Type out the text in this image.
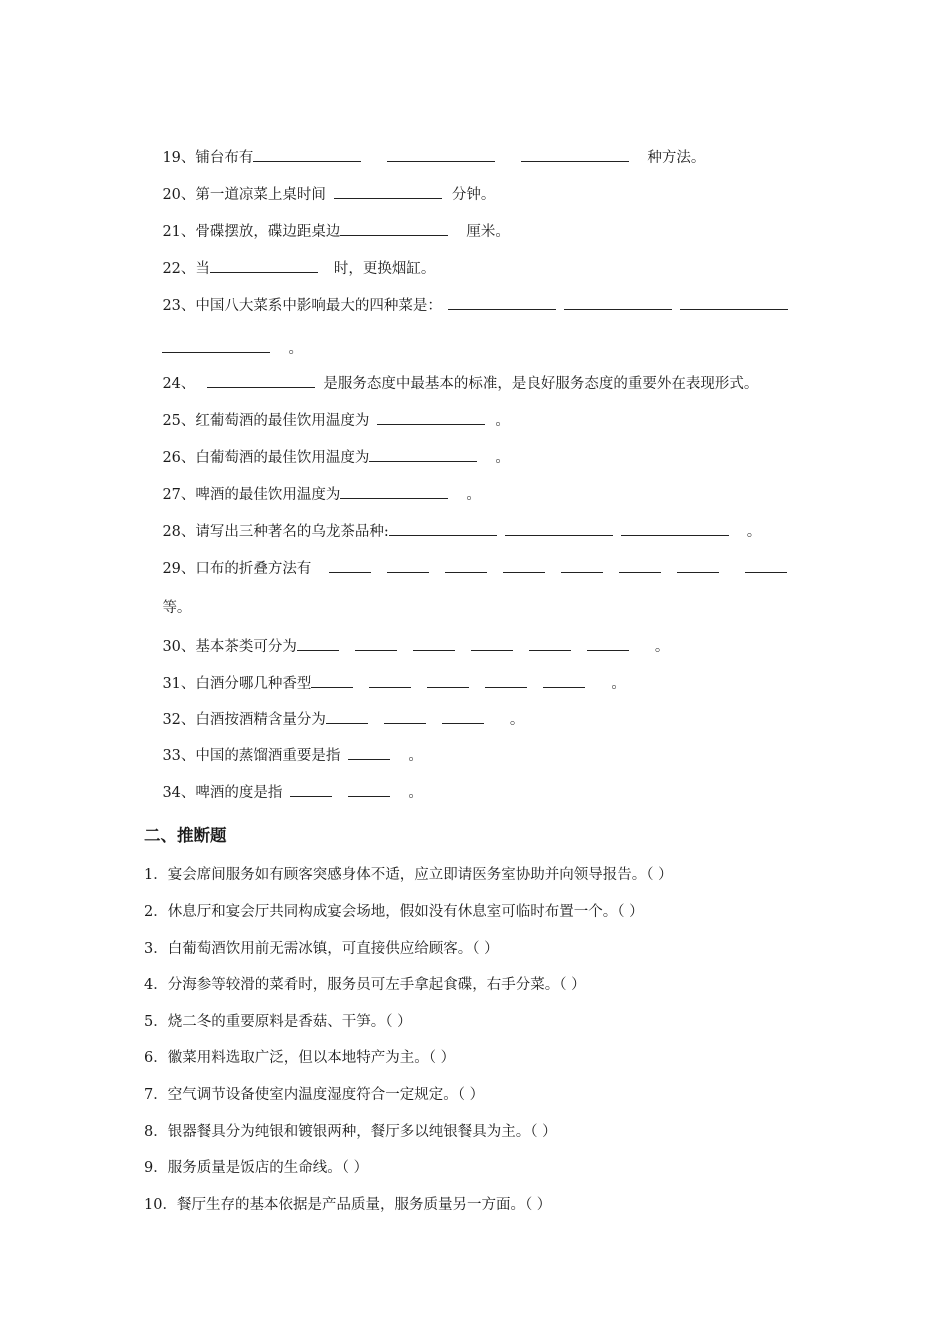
19、铺台布有	种方法。

20、第一道凉菜上桌时间	分钟。

21、骨碟摆放，碟边距桌边	厘米。

22、当	时，更换烟缸。

23、中国八大菜系中影响最大的四种菜是：

。

24、	是服务态度中最基本的标准，是良好服务态度的重要外在表现形式。

25、红葡萄酒的最佳饮用温度为	。

26、白葡萄酒的最佳饮用温度为	。

27、啤酒的最佳饮用温度为	。

28、请写出三种著名的乌龙茶品种:	。

29、口布的折叠方法有

等。

30、基本茶类可分为	。

31、白酒分哪几种香型	。

32、白酒按酒精含量分为	。

33、中国的蒸馏酒重要是指	。

34、啤酒的度是指	。

二、推断题
1．宴会席间服务如有顾客突感身体不适，应立即请医务室协助并向领导报告。（ ）
2．休息厅和宴会厅共同构成宴会场地，假如没有休息室可临时布置一个。（ ）
3．白葡萄酒饮用前无需冰镇，可直接供应给顾客。（ ）
4．分海参等较滑的菜肴时，服务员可左手拿起食碟，右手分菜。（ ）
5．烧二冬的重要原料是香菇、干笋。（ ）
6．徽菜用料选取广泛，但以本地特产为主。（ ）
7．空气调节设备使室内温度湿度符合一定规定。（ ）
8．银器餐具分为纯银和镀银两种，餐厅多以纯银餐具为主。（ ）
9．服务质量是饭店的生命线。（ ）
10．餐厅生存的基本依据是产品质量，服务质量另一方面。（ ）
